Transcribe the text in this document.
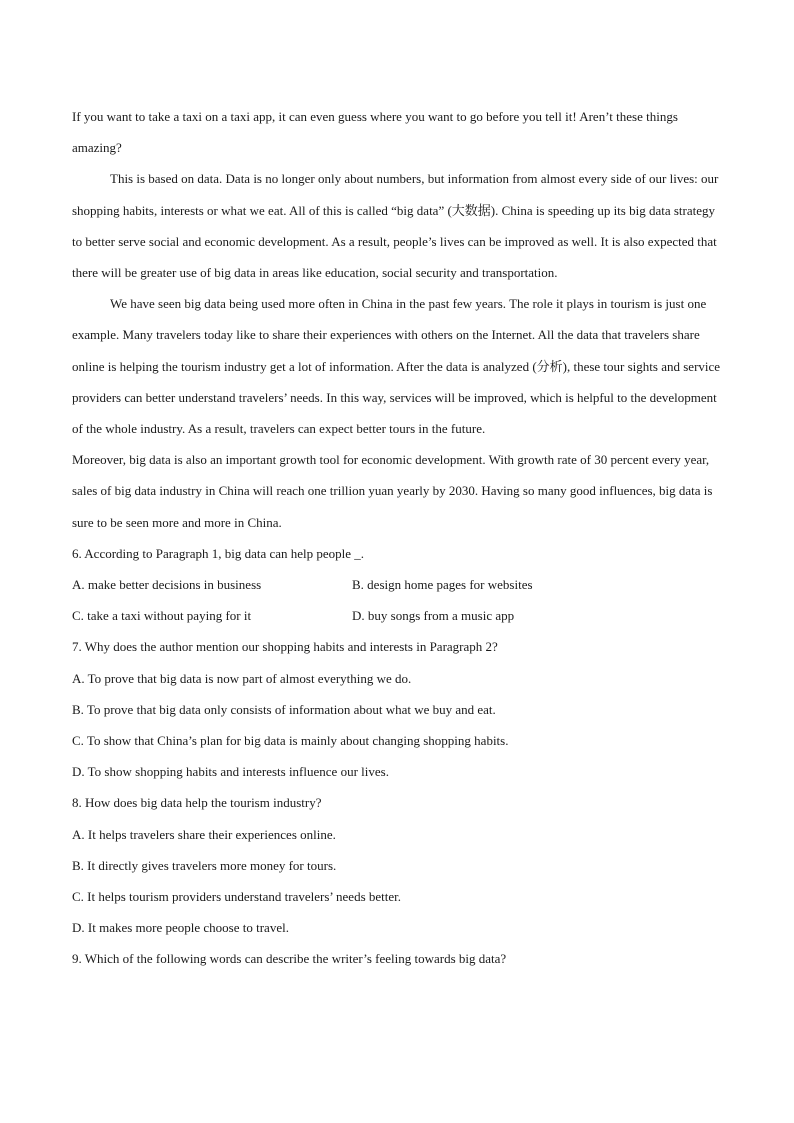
If you want to take a taxi on a taxi app, it can even guess where you want to go before you tell it! Aren’t these things amazing?

This is based on data. Data is no longer only about numbers, but information from almost every side of our lives: our shopping habits, interests or what we eat. All of this is called “big data” (大数据). China is speeding up its big data strategy to better serve social and economic development. As a result, people’s lives can be improved as well. It is also expected that there will be greater use of big data in areas like education, social security and transportation.

We have seen big data being used more often in China in the past few years. The role it plays in tourism is just one example. Many travelers today like to share their experiences with others on the Internet. All the data that travelers share online is helping the tourism industry get a lot of information. After the data is analyzed (分析), these tour sights and service providers can better understand travelers’ needs. In this way, services will be improved, which is helpful to the development of the whole industry. As a result, travelers can expect better tours in the future.

Moreover, big data is also an important growth tool for economic development. With growth rate of 30 percent every year, sales of big data industry in China will reach one trillion yuan yearly by 2030. Having so many good influences, big data is sure to be seen more and more in China.

6. According to Paragraph 1, big data can help people _.

A. make better decisions in business	B. design home pages for websites
C. take a taxi without paying for it	D. buy songs from a music app

7. Why does the author mention our shopping habits and interests in Paragraph 2?

A. To prove that big data is now part of almost everything we do.

B. To prove that big data only consists of information about what we buy and eat.

C. To show that China’s plan for big data is mainly about changing shopping habits.

D. To show shopping habits and interests influence our lives.

8. How does big data help the tourism industry?

A. It helps travelers share their experiences online.

B. It directly gives travelers more money for tours.

C. It helps tourism providers understand travelers’ needs better.

D. It makes more people choose to travel.

9. Which of the following words can describe the writer’s feeling towards big data?
